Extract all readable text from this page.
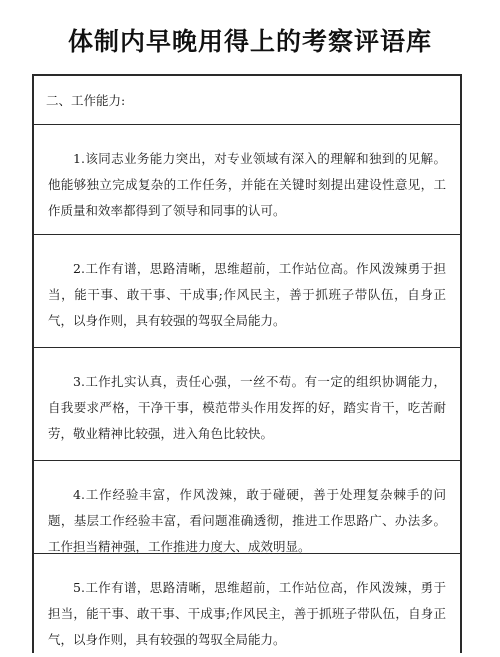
体制内早晚用得上的考察评语库
二、工作能力:
1.该同志业务能力突出，对专业领域有深入的理解和独到的见解。他能够独立完成复杂的工作任务，并能在关键时刻提出建设性意见，工作质量和效率都得到了领导和同事的认可。
2.工作有谱，思路清晰，思维超前，工作站位高。作风泼辣勇于担当，能干事、敢干事、干成事;作风民主，善于抓班子带队伍，自身正气，以身作则，具有较强的驾驭全局能力。
3.工作扎实认真，责任心强，一丝不苟。有一定的组织协调能力，自我要求严格，干净干事，模范带头作用发挥的好，踏实肯干，吃苦耐劳，敬业精神比较强，进入角色比较快。
4.工作经验丰富，作风泼辣，敢于碰硬，善于处理复杂棘手的问题，基层工作经验丰富，看问题准确透彻，推进工作思路广、办法多。工作担当精神强，工作推进力度大、成效明显。
5.工作有谱，思路清晰，思维超前，工作站位高，作风泼辣，勇于担当，能干事、敢干事、干成事;作风民主，善于抓班子带队伍，自身正气，以身作则，具有较强的驾驭全局能力。
